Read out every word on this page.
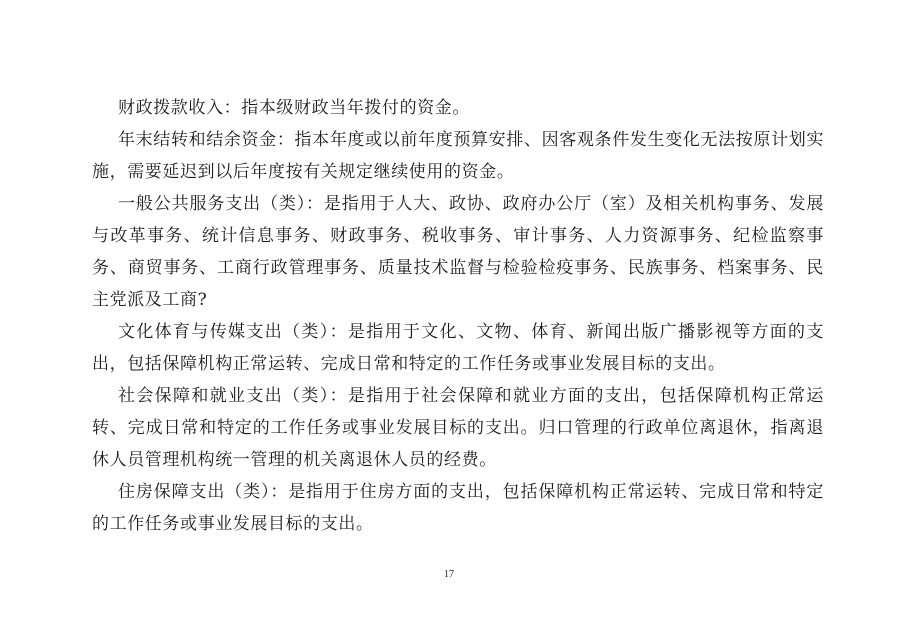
财政拨款收入：指本级财政当年拨付的资金。

年末结转和结余资金：指本年度或以前年度预算安排、因客观条件发生变化无法按原计划实施，需要延迟到以后年度按有关规定继续使用的资金。

一般公共服务支出（类）：是指用于人大、政协、政府办公厅（室）及相关机构事务、发展与改革事务、统计信息事务、财政事务、税收事务、审计事务、人力资源事务、纪检监察事务、商贸事务、工商行政管理事务、质量技术监督与检验检疫事务、民族事务、档案事务、民主党派及工商?

文化体育与传媒支出（类）：是指用于文化、文物、体育、新闻出版广播影视等方面的支出，包括保障机构正常运转、完成日常和特定的工作任务或事业发展目标的支出。

社会保障和就业支出（类）：是指用于社会保障和就业方面的支出，包括保障机构正常运转、完成日常和特定的工作任务或事业发展目标的支出。归口管理的行政单位离退休，指离退休人员管理机构统一管理的机关离退休人员的经费。

住房保障支出（类）：是指用于住房方面的支出，包括保障机构正常运转、完成日常和特定的工作任务或事业发展目标的支出。

17
